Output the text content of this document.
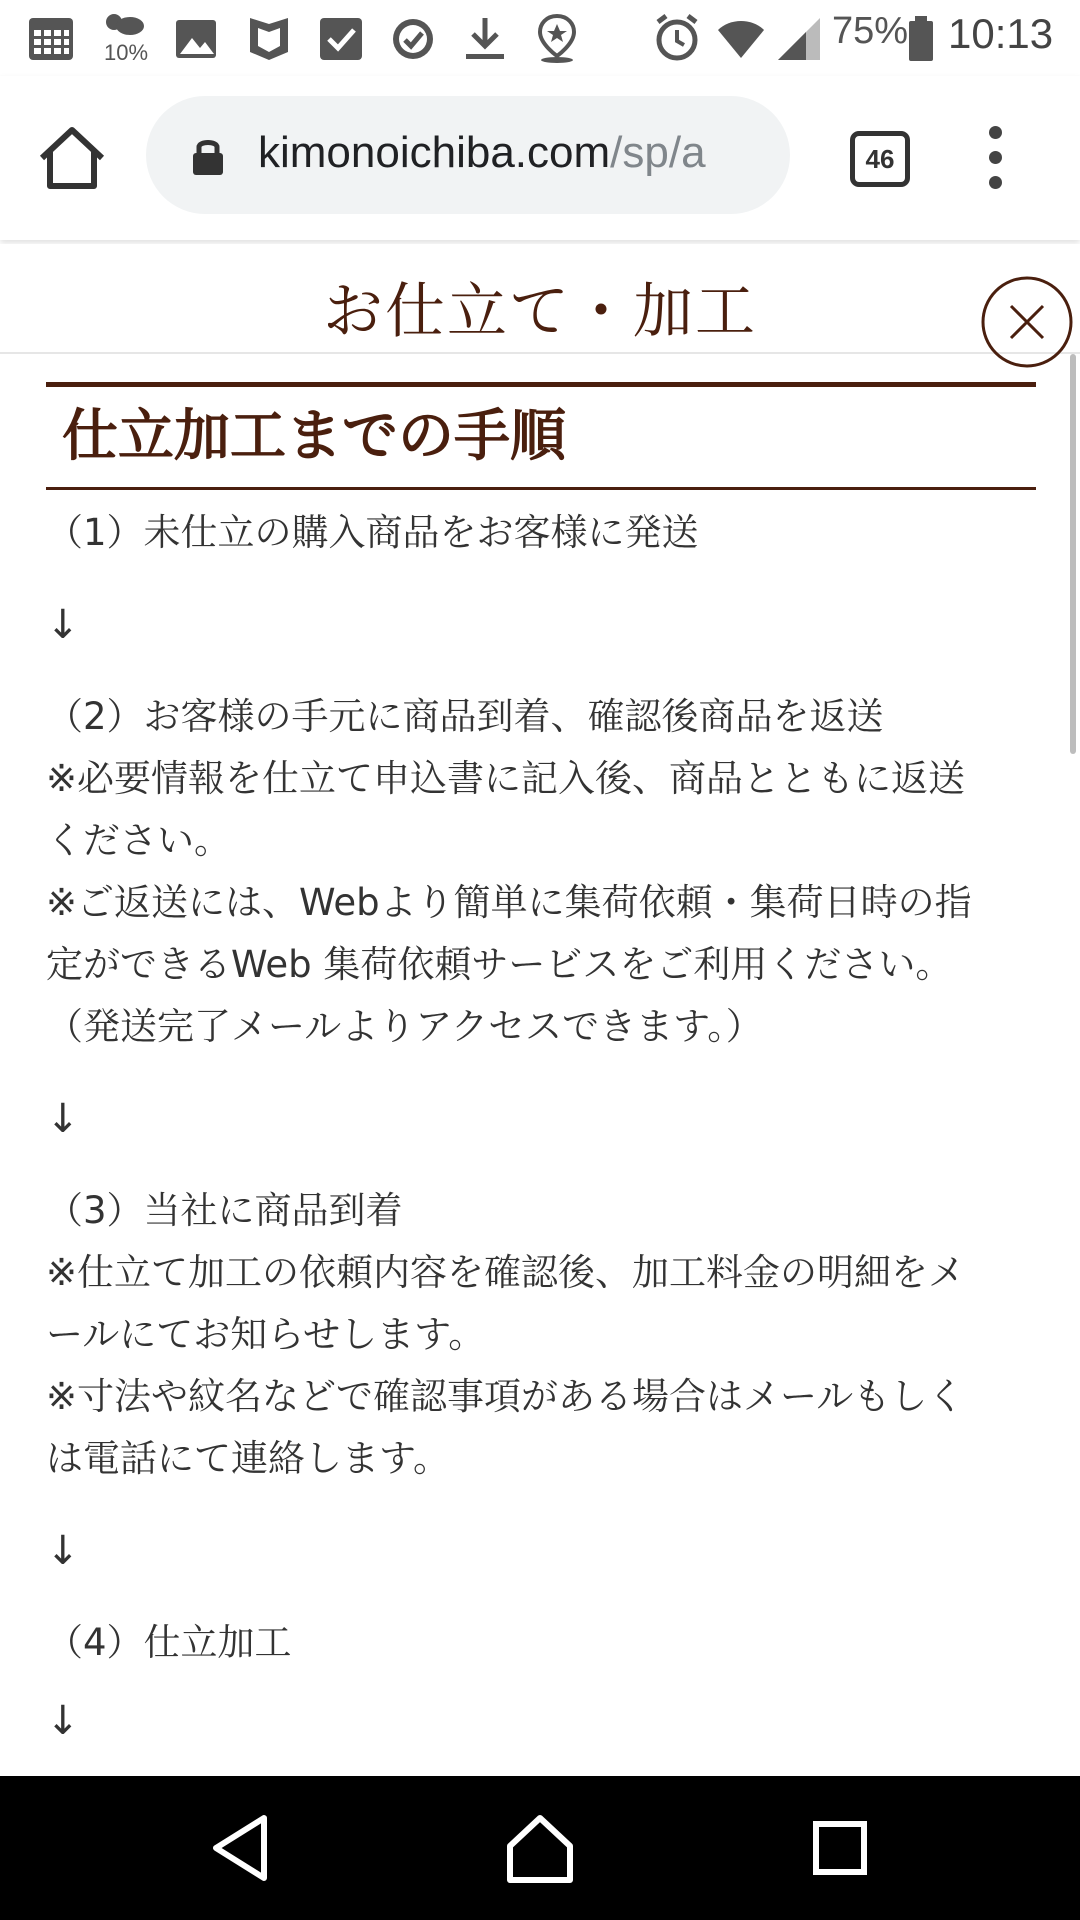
10%
75% 10:13
kimonoichiba.com/sp/a	46
お仕立て・加工
仕立加工までの手順
（1）未仕立の購入商品をお客様に発送
↓
（2）お客様の手元に商品到着、確認後商品を返送
※必要情報を仕立て申込書に記入後、商品とともに返送
ください。
※ご返送には、Webより簡単に集荷依頼・集荷日時の指
定ができるWeb 集荷依頼サービスをご利用ください。
（発送完了メールよりアクセスできます。）
↓
（3）当社に商品到着
※仕立て加工の依頼内容を確認後、加工料金の明細をメ
ールにてお知らせします。
※寸法や紋名などで確認事項がある場合はメールもしく
は電話にて連絡します。
↓
（4）仕立加工
↓
